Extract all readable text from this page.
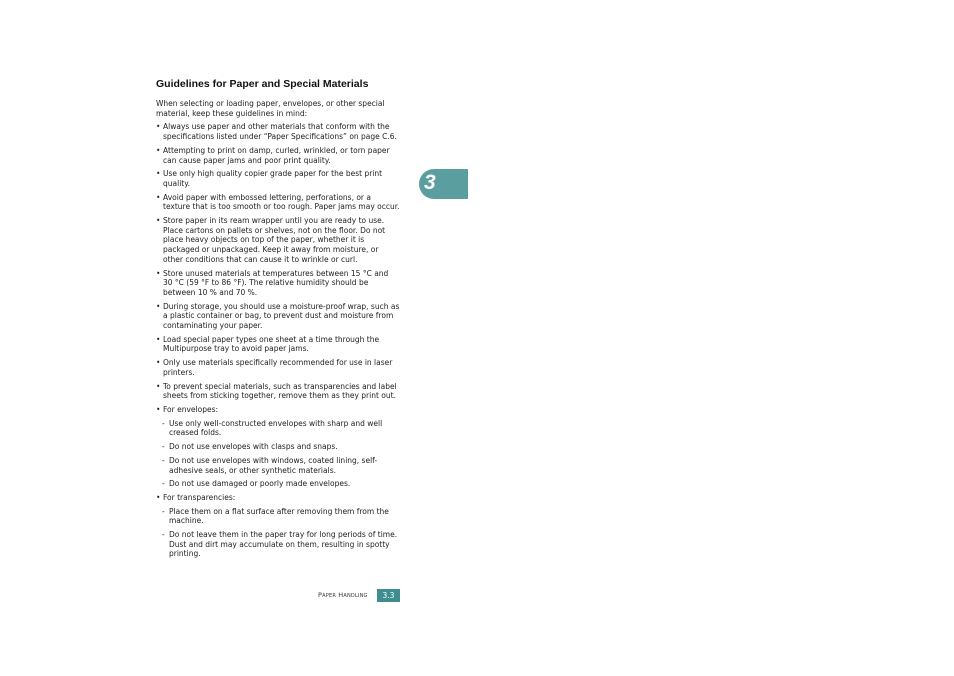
Guidelines for Paper and Special Materials
When selecting or loading paper, envelopes, or other special material, keep these guidelines in mind:
• Always use paper and other materials that conform with the specifications listed under “Paper Specifications” on page C.6.
• Attempting to print on damp, curled, wrinkled, or torn paper can cause paper jams and poor print quality.
• Use only high quality copier grade paper for the best print quality.
• Avoid paper with embossed lettering, perforations, or a texture that is too smooth or too rough. Paper jams may occur.
• Store paper in its ream wrapper until you are ready to use. Place cartons on pallets or shelves, not on the floor. Do not place heavy objects on top of the paper, whether it is packaged or unpackaged. Keep it away from moisture, or other conditions that can cause it to wrinkle or curl.
• Store unused materials at temperatures between 15 °C and 30 °C (59 °F to 86 °F). The relative humidity should be between 10 % and 70 %.
• During storage, you should use a moisture-proof wrap, such as a plastic container or bag, to prevent dust and moisture from contaminating your paper.
• Load special paper types one sheet at a time through the Multipurpose tray to avoid paper jams.
• Only use materials specifically recommended for use in laser printers.
• To prevent special materials, such as transparencies and label sheets from sticking together, remove them as they print out.
• For envelopes:
- Use only well-constructed envelopes with sharp and well creased folds.
- Do not use envelopes with clasps and snaps.
- Do not use envelopes with windows, coated lining, self-adhesive seals, or other synthetic materials.
- Do not use damaged or poorly made envelopes.
• For transparencies:
- Place them on a flat surface after removing them from the machine.
- Do not leave them in the paper tray for long periods of time. Dust and dirt may accumulate on them, resulting in spotty printing.
3
Paper Handling	3.3
